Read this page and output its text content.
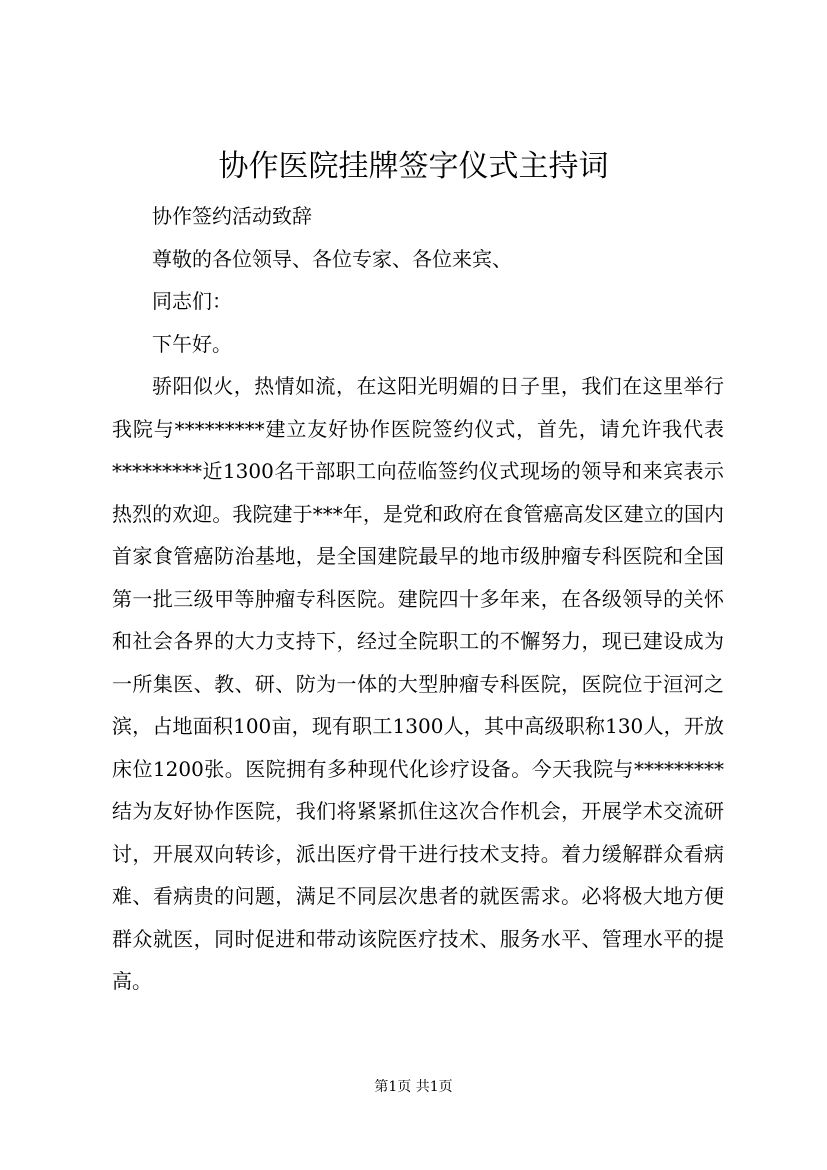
协作医院挂牌签字仪式主持词

协作签约活动致辞

尊敬的各位领导、各位专家、各位来宾、

同志们：

下午好。

骄阳似火，热情如流，在这阳光明媚的日子里，我们在这里举行我院与*********建立友好协作医院签约仪式，首先，请允许我代表*********近1300名干部职工向莅临签约仪式现场的领导和来宾表示热烈的欢迎。我院建于***年，是党和政府在食管癌高发区建立的国内首家食管癌防治基地，是全国建院最早的地市级肿瘤专科医院和全国第一批三级甲等肿瘤专科医院。建院四十多年来，在各级领导的关怀和社会各界的大力支持下，经过全院职工的不懈努力，现已建设成为一所集医、教、研、防为一体的大型肿瘤专科医院，医院位于洹河之滨，占地面积100亩，现有职工1300人，其中高级职称130人，开放床位1200张。医院拥有多种现代化诊疗设备。今天我院与*********结为友好协作医院，我们将紧紧抓住这次合作机会，开展学术交流研讨，开展双向转诊，派出医疗骨干进行技术支持。着力缓解群众看病难、看病贵的问题，满足不同层次患者的就医需求。必将极大地方便群众就医，同时促进和带动该院医疗技术、服务水平、管理水平的提高。

第1页 共1页
